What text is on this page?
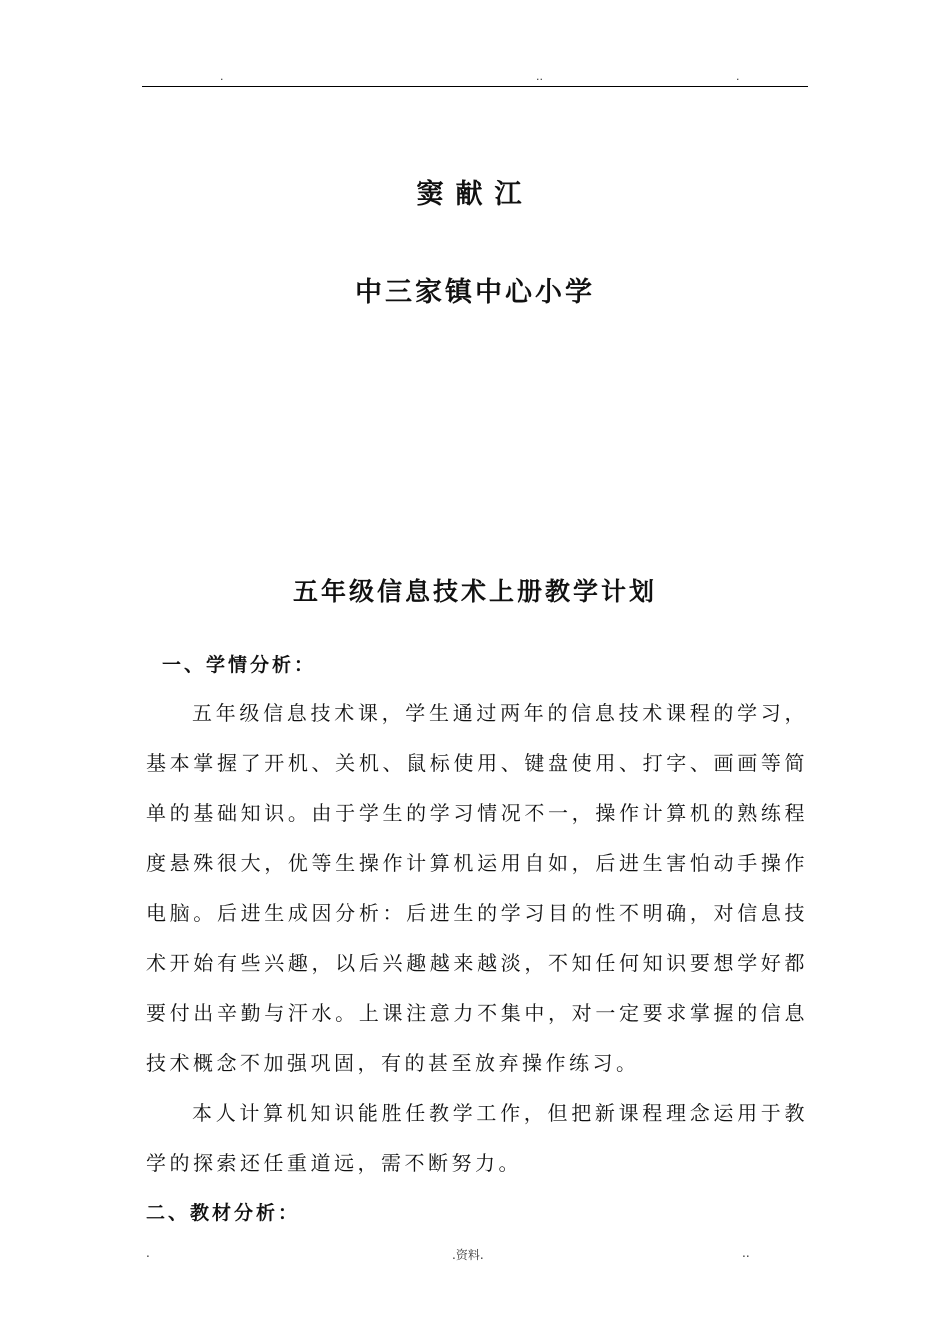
.	..	.
窦献江
中三家镇中心小学
五年级信息技术上册教学计划
一、学情分析：

五年级信息技术课，学生通过两年的信息技术课程的学习，基本掌握了开机、关机、鼠标使用、键盘使用、打字、画画等简单的基础知识。由于学生的学习情况不一，操作计算机的熟练程度悬殊很大，优等生操作计算机运用自如，后进生害怕动手操作电脑。后进生成因分析：后进生的学习目的性不明确，对信息技术开始有些兴趣，以后兴趣越来越淡，不知任何知识要想学好都要付出辛勤与汗水。上课注意力不集中，对一定要求掌握的信息技术概念不加强巩固，有的甚至放弃操作练习。

本人计算机知识能胜任教学工作，但把新课程理念运用于教学的探索还任重道远，需不断努力。

二、教材分析：
.	.资料.	..
